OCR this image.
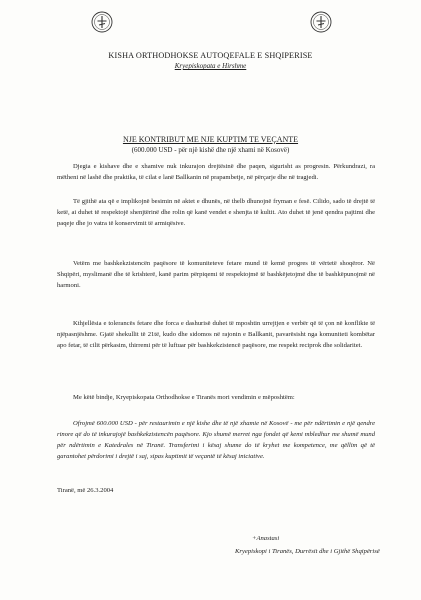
KISHA ORTHODHOKSE AUTOQEFALE E SHQIPERISE
Kryepiskopata e Hirshme
NJE KONTRIBUT ME NJE KUPTIM TE VEÇANTE
(600.000 USD - për një kishë dhe një xhami në Kosovë)

Djegia e kishave dhe e xhamive nuk inkurajon drejtësinë dhe paqen, sigurisht as progresin. Përkundrazi, ra mëtheni në lashë dhe praktika, të cilat e lanë Ballkanin në prapambetje, në përçarje dhe në tragjedi.

Të gjithë ata që e implikojnë besimin në aktet e dhunës, në thelb dhunojnë fryman e fesë. Cilido, sado të drejtë të ketë, ai duhet të respektojë shenjtërinë dhe rolin që kanë vendet e shenjta të kultit. Ato duhet të jenë qendra pajtimi dhe paqeje dhe jo vatra të konservimit të armiqësive.

Vetëm me bashkekzistencën paqësore të komuniteteve fetare mund të kemë progres të vërtetë shoqëror. Në Shqipëri, myslimanë dhe të krishterë, kanë parim përpiqemi të respektojmë të bashkëjetojmë dhe të bashkëpunojmë në harmoni.

Kthjellësia e tolerancës fetare dhe forca e dashurisë duhet të mposhtin urrejtjen e verbër që të çon në konflikte të njëpasnjëshme. Gjatë shekullit të 21të, kudo dhe sidomos në rajonin e Ballkanit, pavarësisht nga komuniteti kombëtar apo fetar, të cilit përkasim, thirremi për të luftuar për bashkekzistencë paqësore, me respekt reciprok dhe solidaritet.

Me këtë bindje, Kryepiskopata Orthodhokse e Tiranës mori vendimin e mëposhtëm:

Ofrojmë 600.000 USD - për restaurimin e një kishe dhe të një xhamie në Kosovë - me për ndërtimin e një qendre rinore që do të inkurajojë bashkekzistencën paqësore. Kjo shumë merret nga fondet që kemi mbledhur me shumë mund për ndërtimin e Katedrales në Tiranë. Transferimi i kësaj shume do të kryhet me kompetence, me qëllim që të garantohet përdorimi i drejtë i saj, sipas kuptimit të veçantë të kësaj iniciative.

Tiranë, më 26.3.2004
+Anastasi
Kryepiskopi i Tiranës, Durrësit dhe i Gjithë Shqipërisë
